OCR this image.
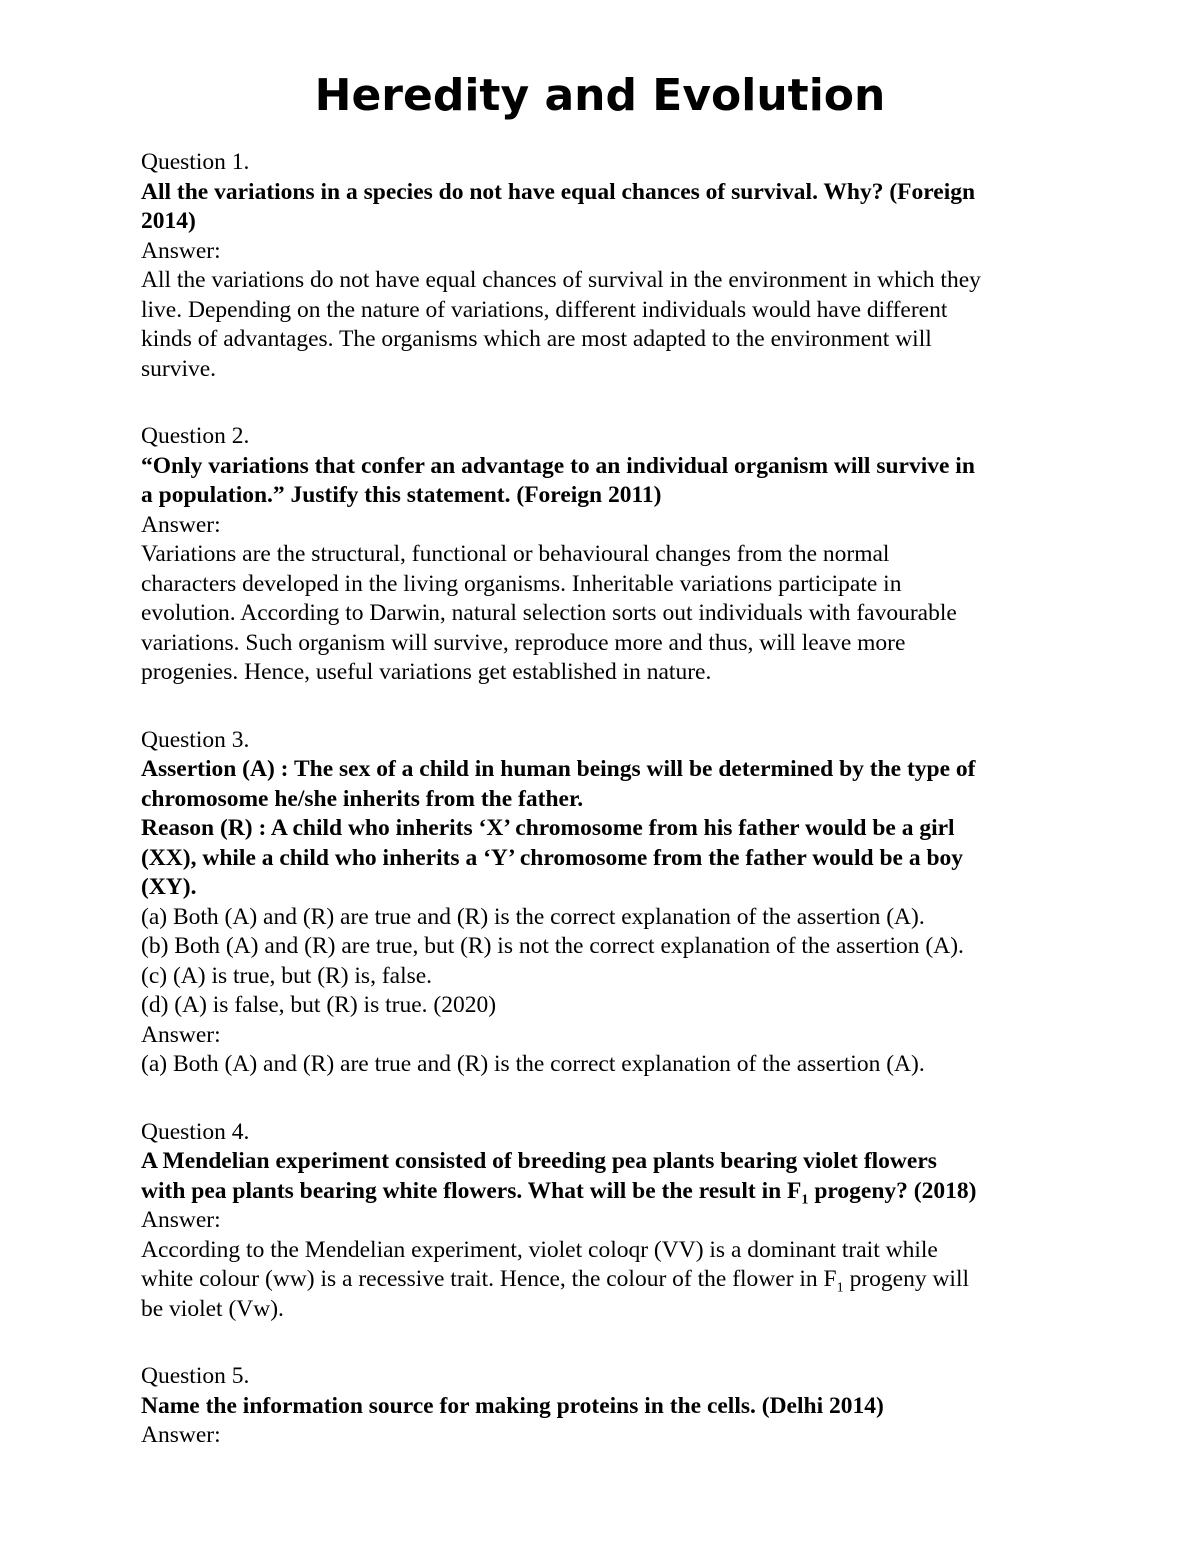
Heredity and Evolution

Question 1.

All the variations in a species do not have equal chances of survival. Why? (Foreign

2014)

Answer:

All the variations do not have equal chances of survival in the environment in which they

live. Depending on the nature of variations, different individuals would have different

kinds of advantages. The organisms which are most adapted to the environment will

survive.

Question 2.

“Only variations that confer an advantage to an individual organism will survive in

a population.” Justify this statement. (Foreign 2011)

Answer:

Variations are the structural, functional or behavioural changes from the normal

characters developed in the living organisms. Inheritable variations participate in

evolution. According to Darwin, natural selection sorts out individuals with favourable

variations. Such organism will survive, reproduce more and thus, will leave more

progenies. Hence, useful variations get established in nature.

Question 3.

Assertion (A) : The sex of a child in human beings will be determined by the type of

chromosome he/she inherits from the father.

Reason (R) : A child who inherits ‘X’ chromosome from his father would be a girl

(XX), while a child who inherits a ‘Y’ chromosome from the father would be a boy

(XY).

(a) Both (A) and (R) are true and (R) is the correct explanation of the assertion (A).

(b) Both (A) and (R) are true, but (R) is not the correct explanation of the assertion (A).

(c) (A) is true, but (R) is, false.

(d) (A) is false, but (R) is true. (2020)

Answer:

(a) Both (A) and (R) are true and (R) is the correct explanation of the assertion (A).

Question 4.

A Mendelian experiment consisted of breeding pea plants bearing violet flowers

with pea plants bearing white flowers. What will be the result in $F_1$ progeny? (2018)

Answer:

According to the Mendelian experiment, violet coloqr (VV) is a dominant trait while

white colour (ww) is a recessive trait. Hence, the colour of the flower in $F_1$ progeny will

be violet (Vw).

Question 5.

Name the information source for making proteins in the cells. (Delhi 2014)

Answer:
